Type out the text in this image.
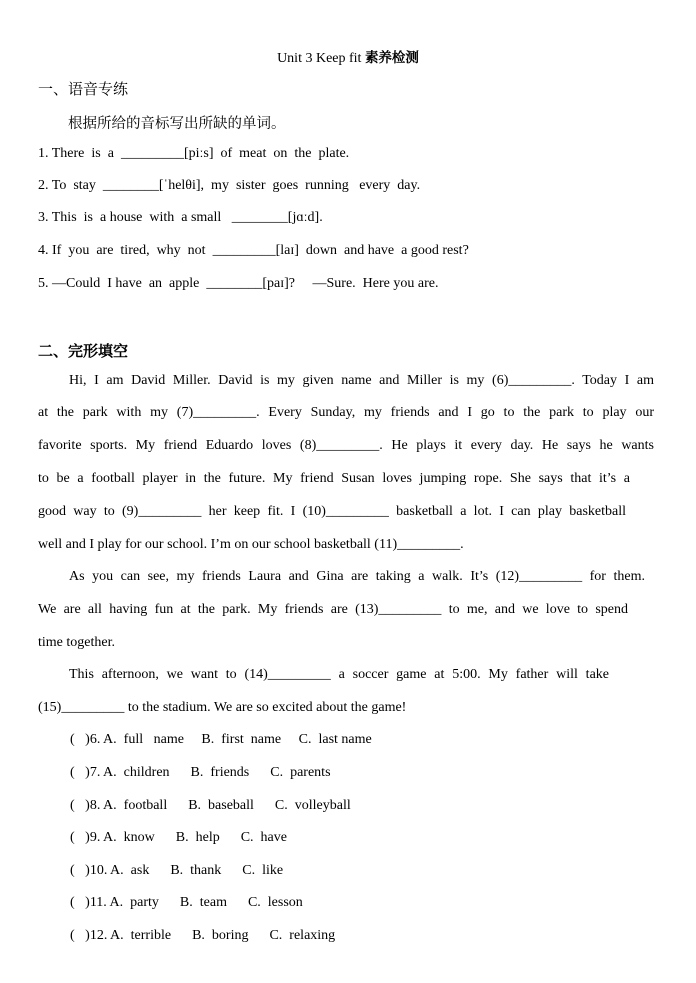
Unit 3 Keep fit 素养检测
一、语音专练
根据所给的音标写出所缺的单词。
1. There  is  a  _________[piːs]  of  meat  on  the  plate.
2. To  stay  ________[ˈhelθi],  my  sister  goes  running   every  day.
3. This  is  a house  with  a small   ________[jɑːd].
4. If  you  are  tired,  why  not  _________[laɪ]  down  and have  a good rest?
5. —Could  I have  an  apple  ________[paɪ]?     —Sure.  Here you are.
二、完形填空
Hi, I am David Miller. David is my given name and Miller is my (6)_________. Today I am
at the park with my (7)_________. Every Sunday, my friends and I go to the park to play our
favorite sports. My friend Eduardo loves (8)_________. He plays it every day. He says he wants
to be a football player in the future. My friend Susan loves jumping rope. She says that it’s a
good way to (9)_________ her keep fit. I (10)_________ basketball a lot. I can play basketball
well and I play for our school. I’m on our school basketball (11)_________.
As you can see, my friends Laura and Gina are taking a walk. It’s (12)_________ for them.
We are all having fun at the park. My friends are (13)_________ to me, and we love to spend
time together.
This afternoon, we want to (14)_________ a soccer game at 5:00. My father will take
(15)_________ to the stadium. We are so excited about the game!
(   )6. A.  full   name     B.  first  name     C.  last name
(   )7. A.  children      B.  friends      C.  parents
(   )8. A.  football      B.  baseball      C.  volleyball
(   )9. A.  know      B.  help      C.  have
(   )10. A.  ask      B.  thank      C.  like
(   )11. A.  party      B.  team      C.  lesson
(   )12. A.  terrible      B.  boring      C.  relaxing
